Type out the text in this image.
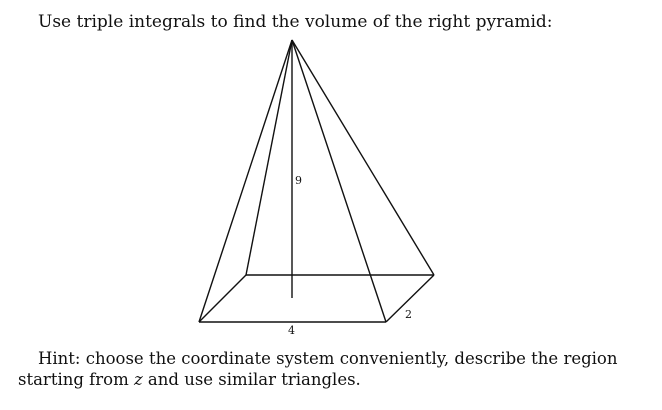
Use triple integrals to find the volume of the right pyramid:
9
4
2
Hint: choose the coordinate system conveniently, describe the region starting from z and use similar triangles.
